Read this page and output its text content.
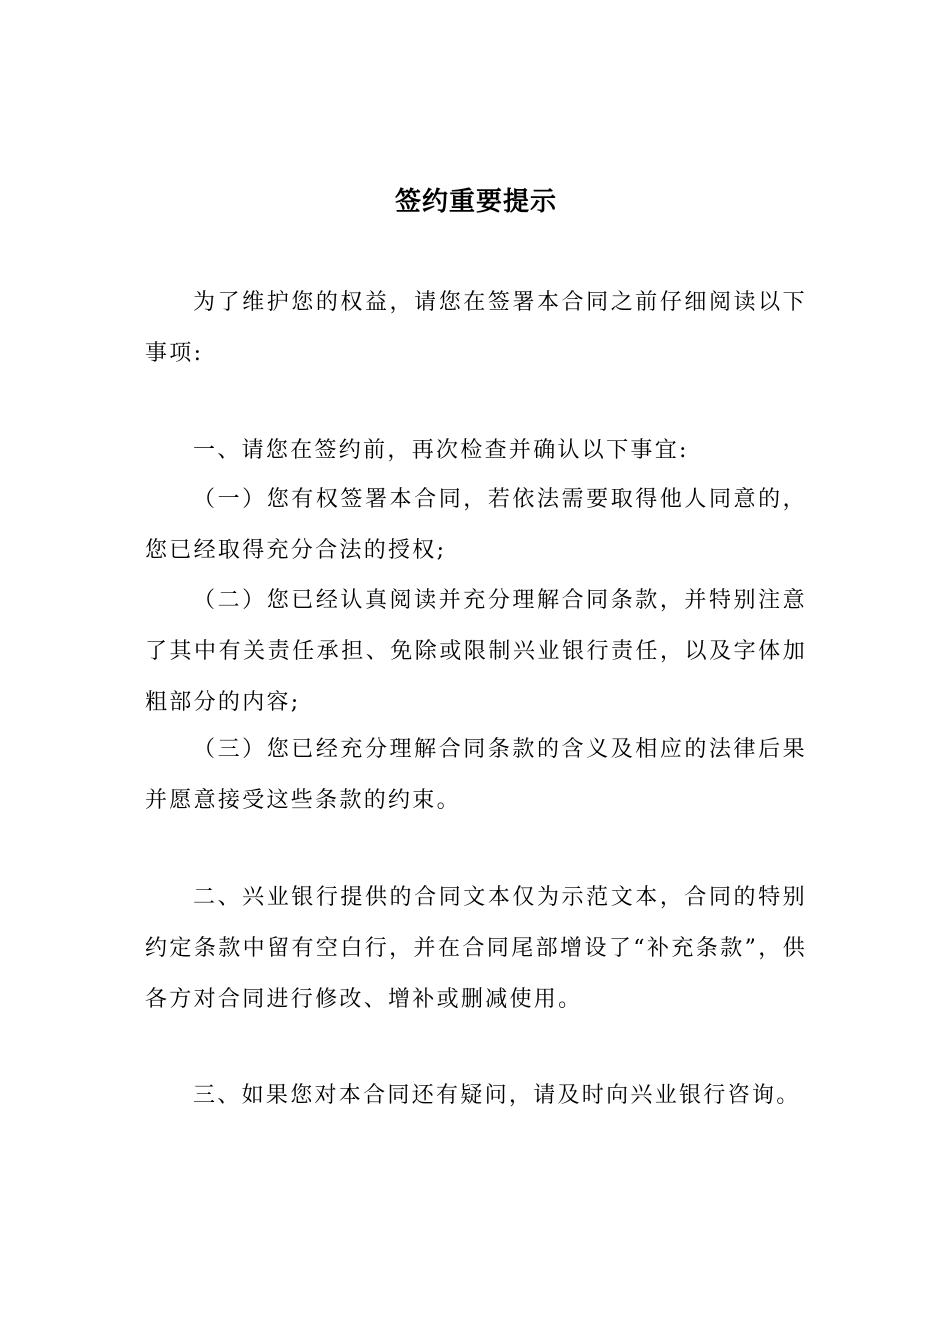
签约重要提示

为了维护您的权益，请您在签署本合同之前仔细阅读以下事项:

一、请您在签约前，再次检查并确认以下事宜:

（一）您有权签署本合同，若依法需要取得他人同意的，您已经取得充分合法的授权;

（二）您已经认真阅读并充分理解合同条款，并特别注意了其中有关责任承担、免除或限制兴业银行责任，以及字体加粗部分的内容;

（三）您已经充分理解合同条款的含义及相应的法律后果并愿意接受这些条款的约束。

二、兴业银行提供的合同文本仅为示范文本，合同的特别约定条款中留有空白行，并在合同尾部增设了“补充条款”，供各方对合同进行修改、增补或删减使用。

三、如果您对本合同还有疑问，请及时向兴业银行咨询。
